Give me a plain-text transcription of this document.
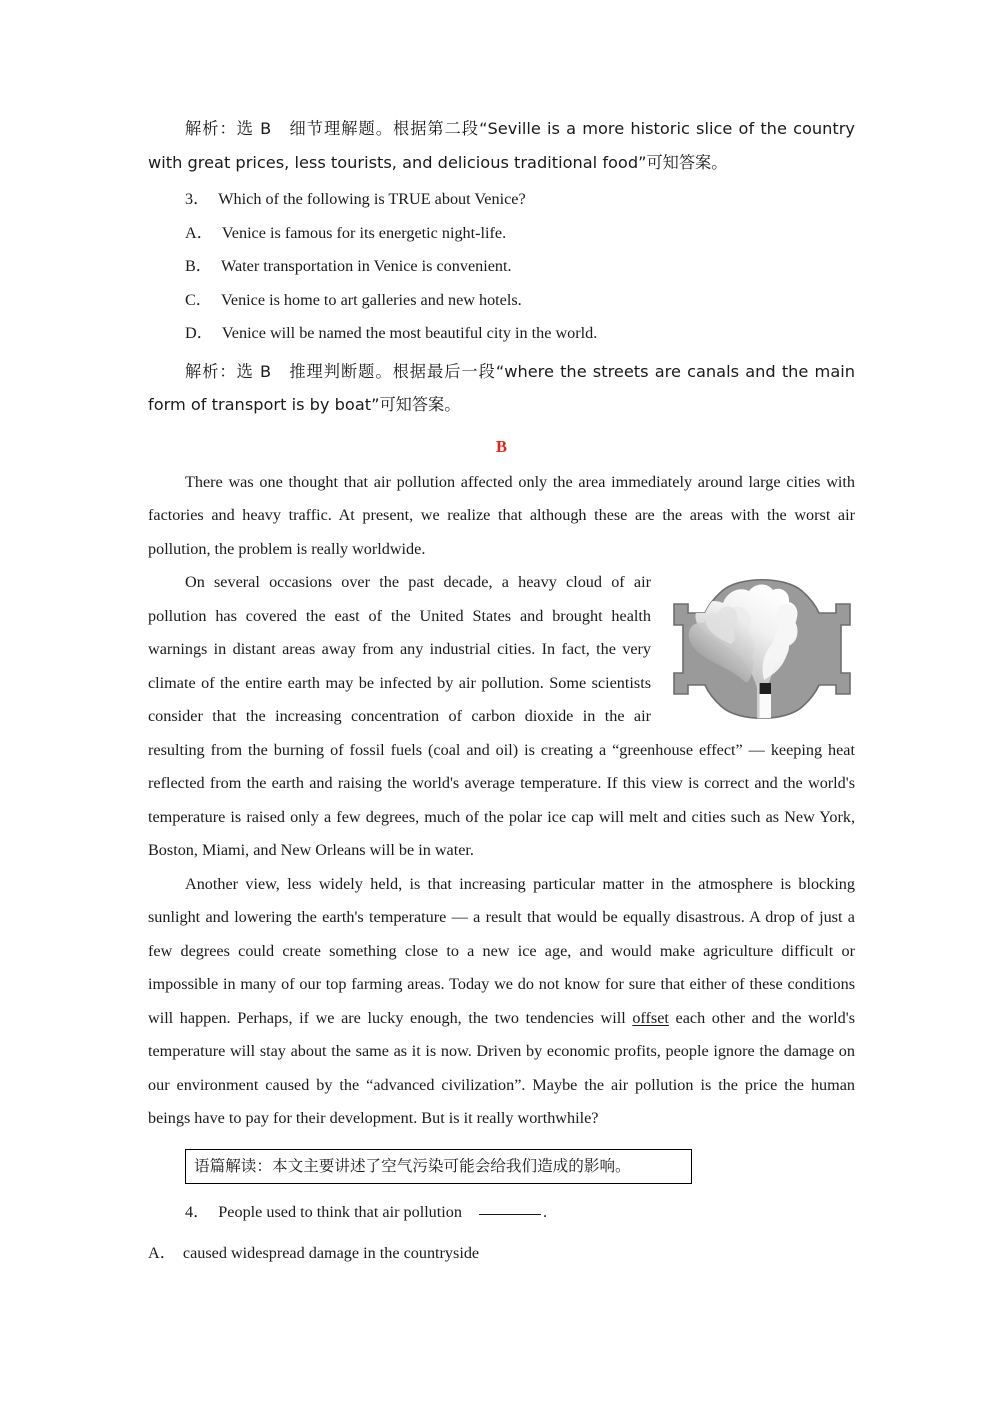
解析：选 B　细节理解题。根据第二段“Seville is a more historic slice of the country with great prices, less tourists, and delicious traditional food”可知答案。

3． Which of the following is TRUE about Venice?

A． Venice is famous for its energetic night-life.

B． Water transportation in Venice is convenient.

C． Venice is home to art galleries and new hotels.

D． Venice will be named the most beautiful city in the world.

解析：选 B　推理判断题。根据最后一段“where the streets are canals and the main form of transport is by boat”可知答案。

B

There was one thought that air pollution affected only the area immediately around large cities with factories and heavy traffic. At present, we realize that although these are the areas with the worst air pollution, the problem is really worldwide.

On several occasions over the past decade, a heavy cloud of air pollution has covered the east of the United States and brought health warnings in distant areas away from any industrial cities. In fact, the very climate of the entire earth may be infected by air pollution. Some scientists consider that the increasing concentration of carbon dioxide in the air resulting from the burning of fossil fuels (coal and oil) is creating a “greenhouse effect” — keeping heat reflected from the earth and raising the world's average temperature. If this view is correct and the world's temperature is raised only a few degrees, much of the polar ice cap will melt and cities such as New York, Boston, Miami, and New Orleans will be in water.

Another view, less widely held, is that increasing particular matter in the atmosphere is blocking sunlight and lowering the earth's temperature — a result that would be equally disastrous. A drop of just a few degrees could create something close to a new ice age, and would make agriculture difficult or impossible in many of our top farming areas. Today we do not know for sure that either of these conditions will happen. Perhaps, if we are lucky enough, the two tendencies will offset each other and the world's temperature will stay about the same as it is now. Driven by economic profits, people ignore the damage on our environment caused by the “advanced civilization”. Maybe the air pollution is the price the human beings have to pay for their development. But is it really worthwhile?

语篇解读：本文主要讲述了空气污染可能会给我们造成的影响。

4． People used to think that air pollution	.

A． caused widespread damage in the countryside
